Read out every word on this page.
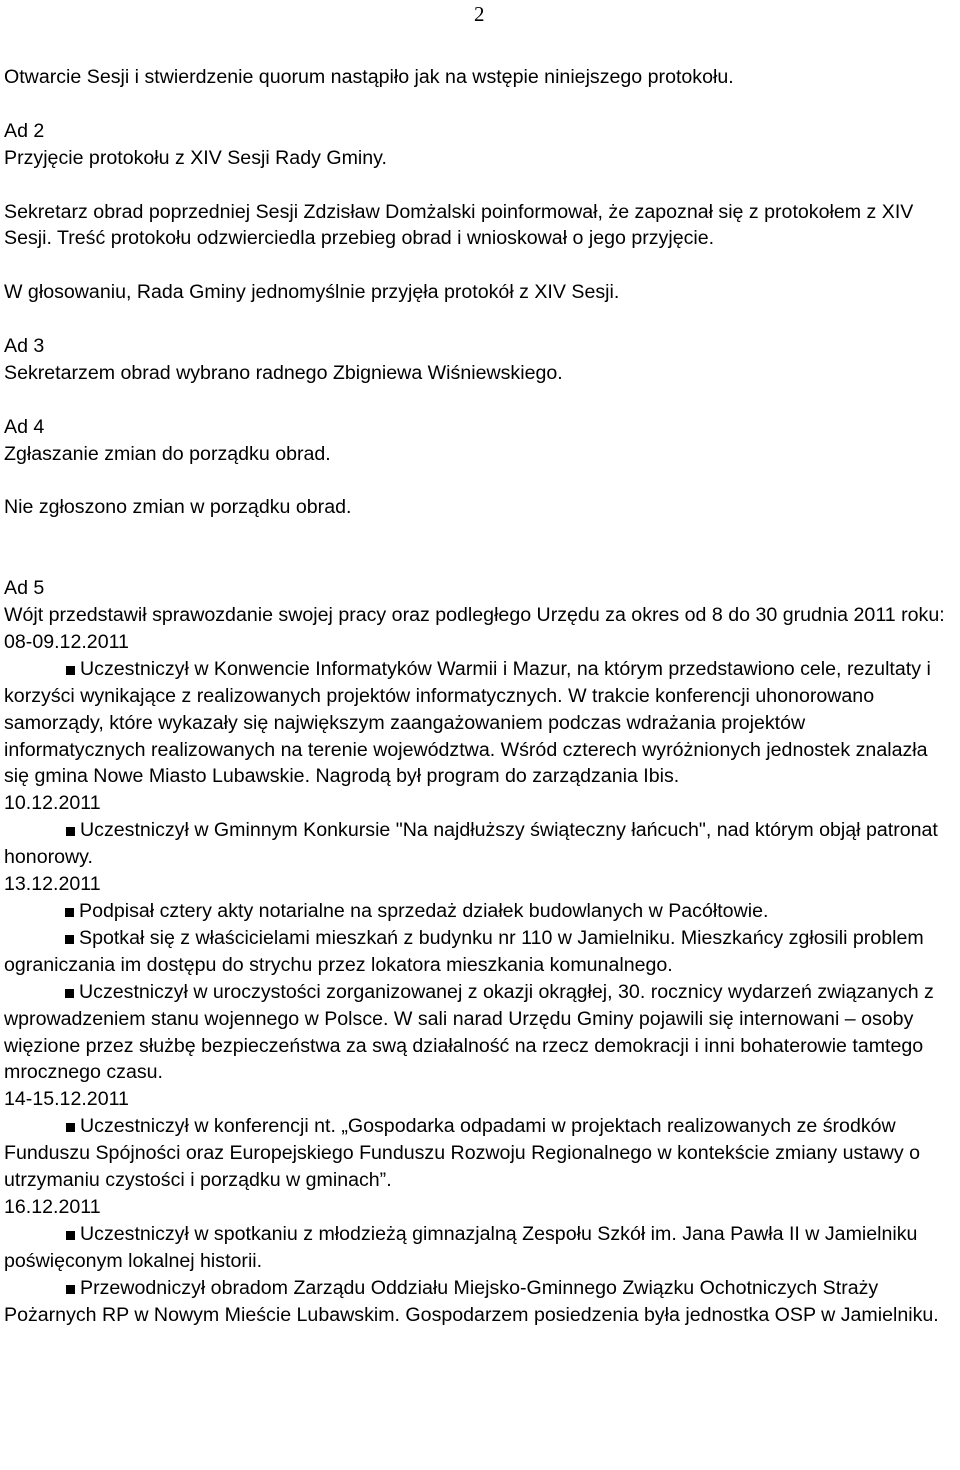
2

Otwarcie Sesji i stwierdzenie quorum nastąpiło jak na wstępie niniejszego protokołu.

Ad 2

Przyjęcie protokołu z XIV Sesji Rady Gminy.

Sekretarz obrad poprzedniej Sesji Zdzisław Domżalski poinformował, że zapoznał się z protokołem z XIV Sesji. Treść protokołu odzwierciedla przebieg obrad i wnioskował o jego przyjęcie.

W głosowaniu, Rada Gminy jednomyślnie przyjęła protokół z XIV Sesji.

Ad 3

Sekretarzem obrad wybrano radnego Zbigniewa Wiśniewskiego.

Ad 4

Zgłaszanie zmian do porządku obrad.

Nie zgłoszono zmian w porządku obrad.

Ad 5

Wójt przedstawił sprawozdanie swojej pracy oraz podległego Urzędu za okres od 8 do 30 grudnia 2011 roku:

08-09.12.2011

Uczestniczył w Konwencie Informatyków Warmii i Mazur, na którym przedstawiono cele, rezultaty i korzyści wynikające z realizowanych projektów informatycznych. W trakcie konferencji uhonorowano samorządy, które wykazały się największym zaangażowaniem podczas wdrażania projektów informatycznych realizowanych na terenie województwa. Wśród czterech wyróżnionych jednostek znalazła się gmina Nowe Miasto Lubawskie. Nagrodą był program do zarządzania Ibis.

10.12.2011

Uczestniczył w Gminnym Konkursie "Na najdłuższy świąteczny łańcuch", nad którym objął patronat honorowy.

13.12.2011

Podpisał cztery akty notarialne na sprzedaż działek budowlanych w Pacółtowie.

Spotkał się z właścicielami mieszkań z budynku nr 110 w Jamielniku. Mieszkańcy zgłosili problem ograniczania im dostępu do strychu przez lokatora mieszkania komunalnego.

Uczestniczył w uroczystości zorganizowanej z okazji okrągłej, 30. rocznicy wydarzeń związanych z wprowadzeniem stanu wojennego w Polsce. W sali narad Urzędu Gminy pojawili się internowani – osoby więzione przez służbę bezpieczeństwa za swą działalność na rzecz demokracji i inni bohaterowie tamtego mrocznego czasu.

14-15.12.2011

Uczestniczył w konferencji nt. „Gospodarka odpadami w projektach realizowanych ze środków Funduszu Spójności oraz Europejskiego Funduszu Rozwoju Regionalnego w kontekście zmiany ustawy o utrzymaniu czystości i porządku w gminach”.

16.12.2011

Uczestniczył w spotkaniu z młodzieżą gimnazjalną Zespołu Szkół im. Jana Pawła II w Jamielniku poświęconym lokalnej historii.

Przewodniczył obradom Zarządu Oddziału Miejsko-Gminnego Związku Ochotniczych Straży Pożarnych RP w Nowym Mieście Lubawskim. Gospodarzem posiedzenia była jednostka OSP w Jamielniku.
